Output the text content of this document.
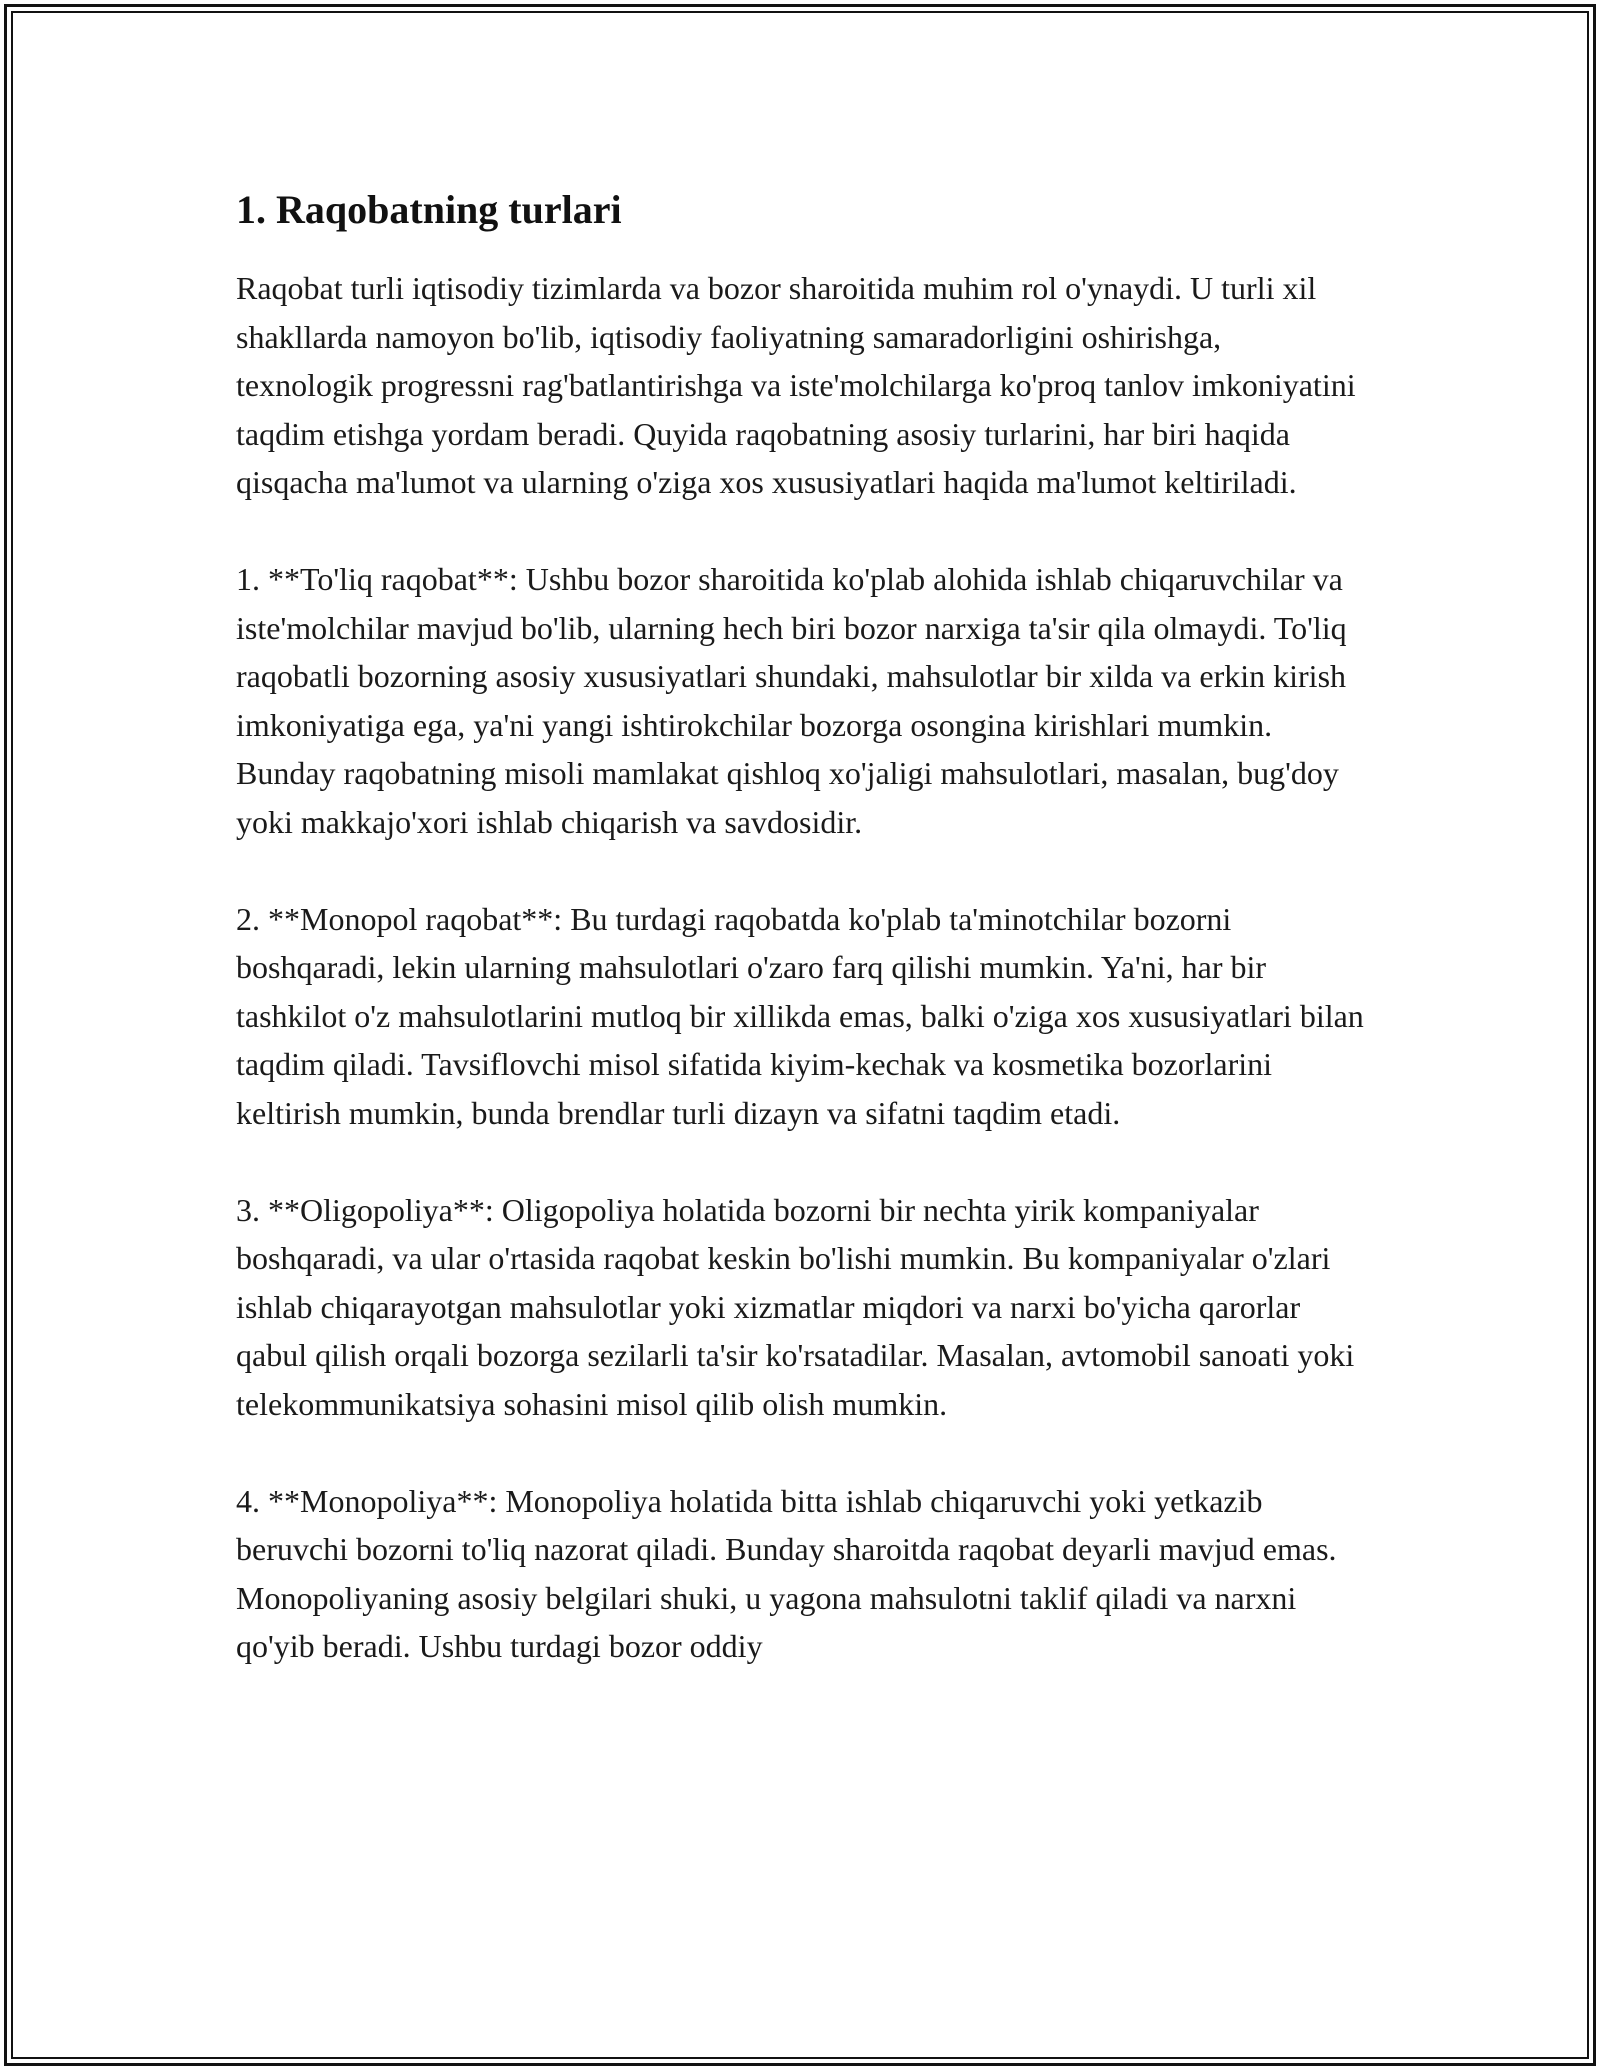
1. Raqobatning turlari

Raqobat turli iqtisodiy tizimlarda va bozor sharoitida muhim rol o'ynaydi. U turli xil shakllarda namoyon bo'lib, iqtisodiy faoliyatning samaradorligini oshirishga, texnologik progressni rag'batlantirishga va iste'molchilarga ko'proq tanlov imkoniyatini taqdim etishga yordam beradi. Quyida raqobatning asosiy turlarini, har biri haqida qisqacha ma'lumot va ularning o'ziga xos xususiyatlari haqida ma'lumot keltiriladi.

1. **To'liq raqobat**: Ushbu bozor sharoitida ko'plab alohida ishlab chiqaruvchilar va iste'molchilar mavjud bo'lib, ularning hech biri bozor narxiga ta'sir qila olmaydi. To'liq raqobatli bozorning asosiy xususiyatlari shundaki, mahsulotlar bir xilda va erkin kirish imkoniyatiga ega, ya'ni yangi ishtirokchilar bozorga osongina kirishlari mumkin. Bunday raqobatning misoli mamlakat qishloq xo'jaligi mahsulotlari, masalan, bug'doy yoki makkajo'xori ishlab chiqarish va savdosidir.

2. **Monopol raqobat**: Bu turdagi raqobatda ko'plab ta'minotchilar bozorni boshqaradi, lekin ularning mahsulotlari o'zaro farq qilishi mumkin. Ya'ni, har bir tashkilot o'z mahsulotlarini mutloq bir xillikda emas, balki o'ziga xos xususiyatlari bilan taqdim qiladi. Tavsiflovchi misol sifatida kiyim-kechak va kosmetika bozorlarini keltirish mumkin, bunda brendlar turli dizayn va sifatni taqdim etadi.

3. **Oligopoliya**: Oligopoliya holatida bozorni bir nechta yirik kompaniyalar boshqaradi, va ular o'rtasida raqobat keskin bo'lishi mumkin. Bu kompaniyalar o'zlari ishlab chiqarayotgan mahsulotlar yoki xizmatlar miqdori va narxi bo'yicha qarorlar qabul qilish orqali bozorga sezilarli ta'sir ko'rsatadilar. Masalan, avtomobil sanoati yoki telekommunikatsiya sohasini misol qilib olish mumkin.

4. **Monopoliya**: Monopoliya holatida bitta ishlab chiqaruvchi yoki yetkazib beruvchi bozorni to'liq nazorat qiladi. Bunday sharoitda raqobat deyarli mavjud emas. Monopoliyaning asosiy belgilari shuki, u yagona mahsulotni taklif qiladi va narxni qo'yib beradi. Ushbu turdagi bozor oddiy
